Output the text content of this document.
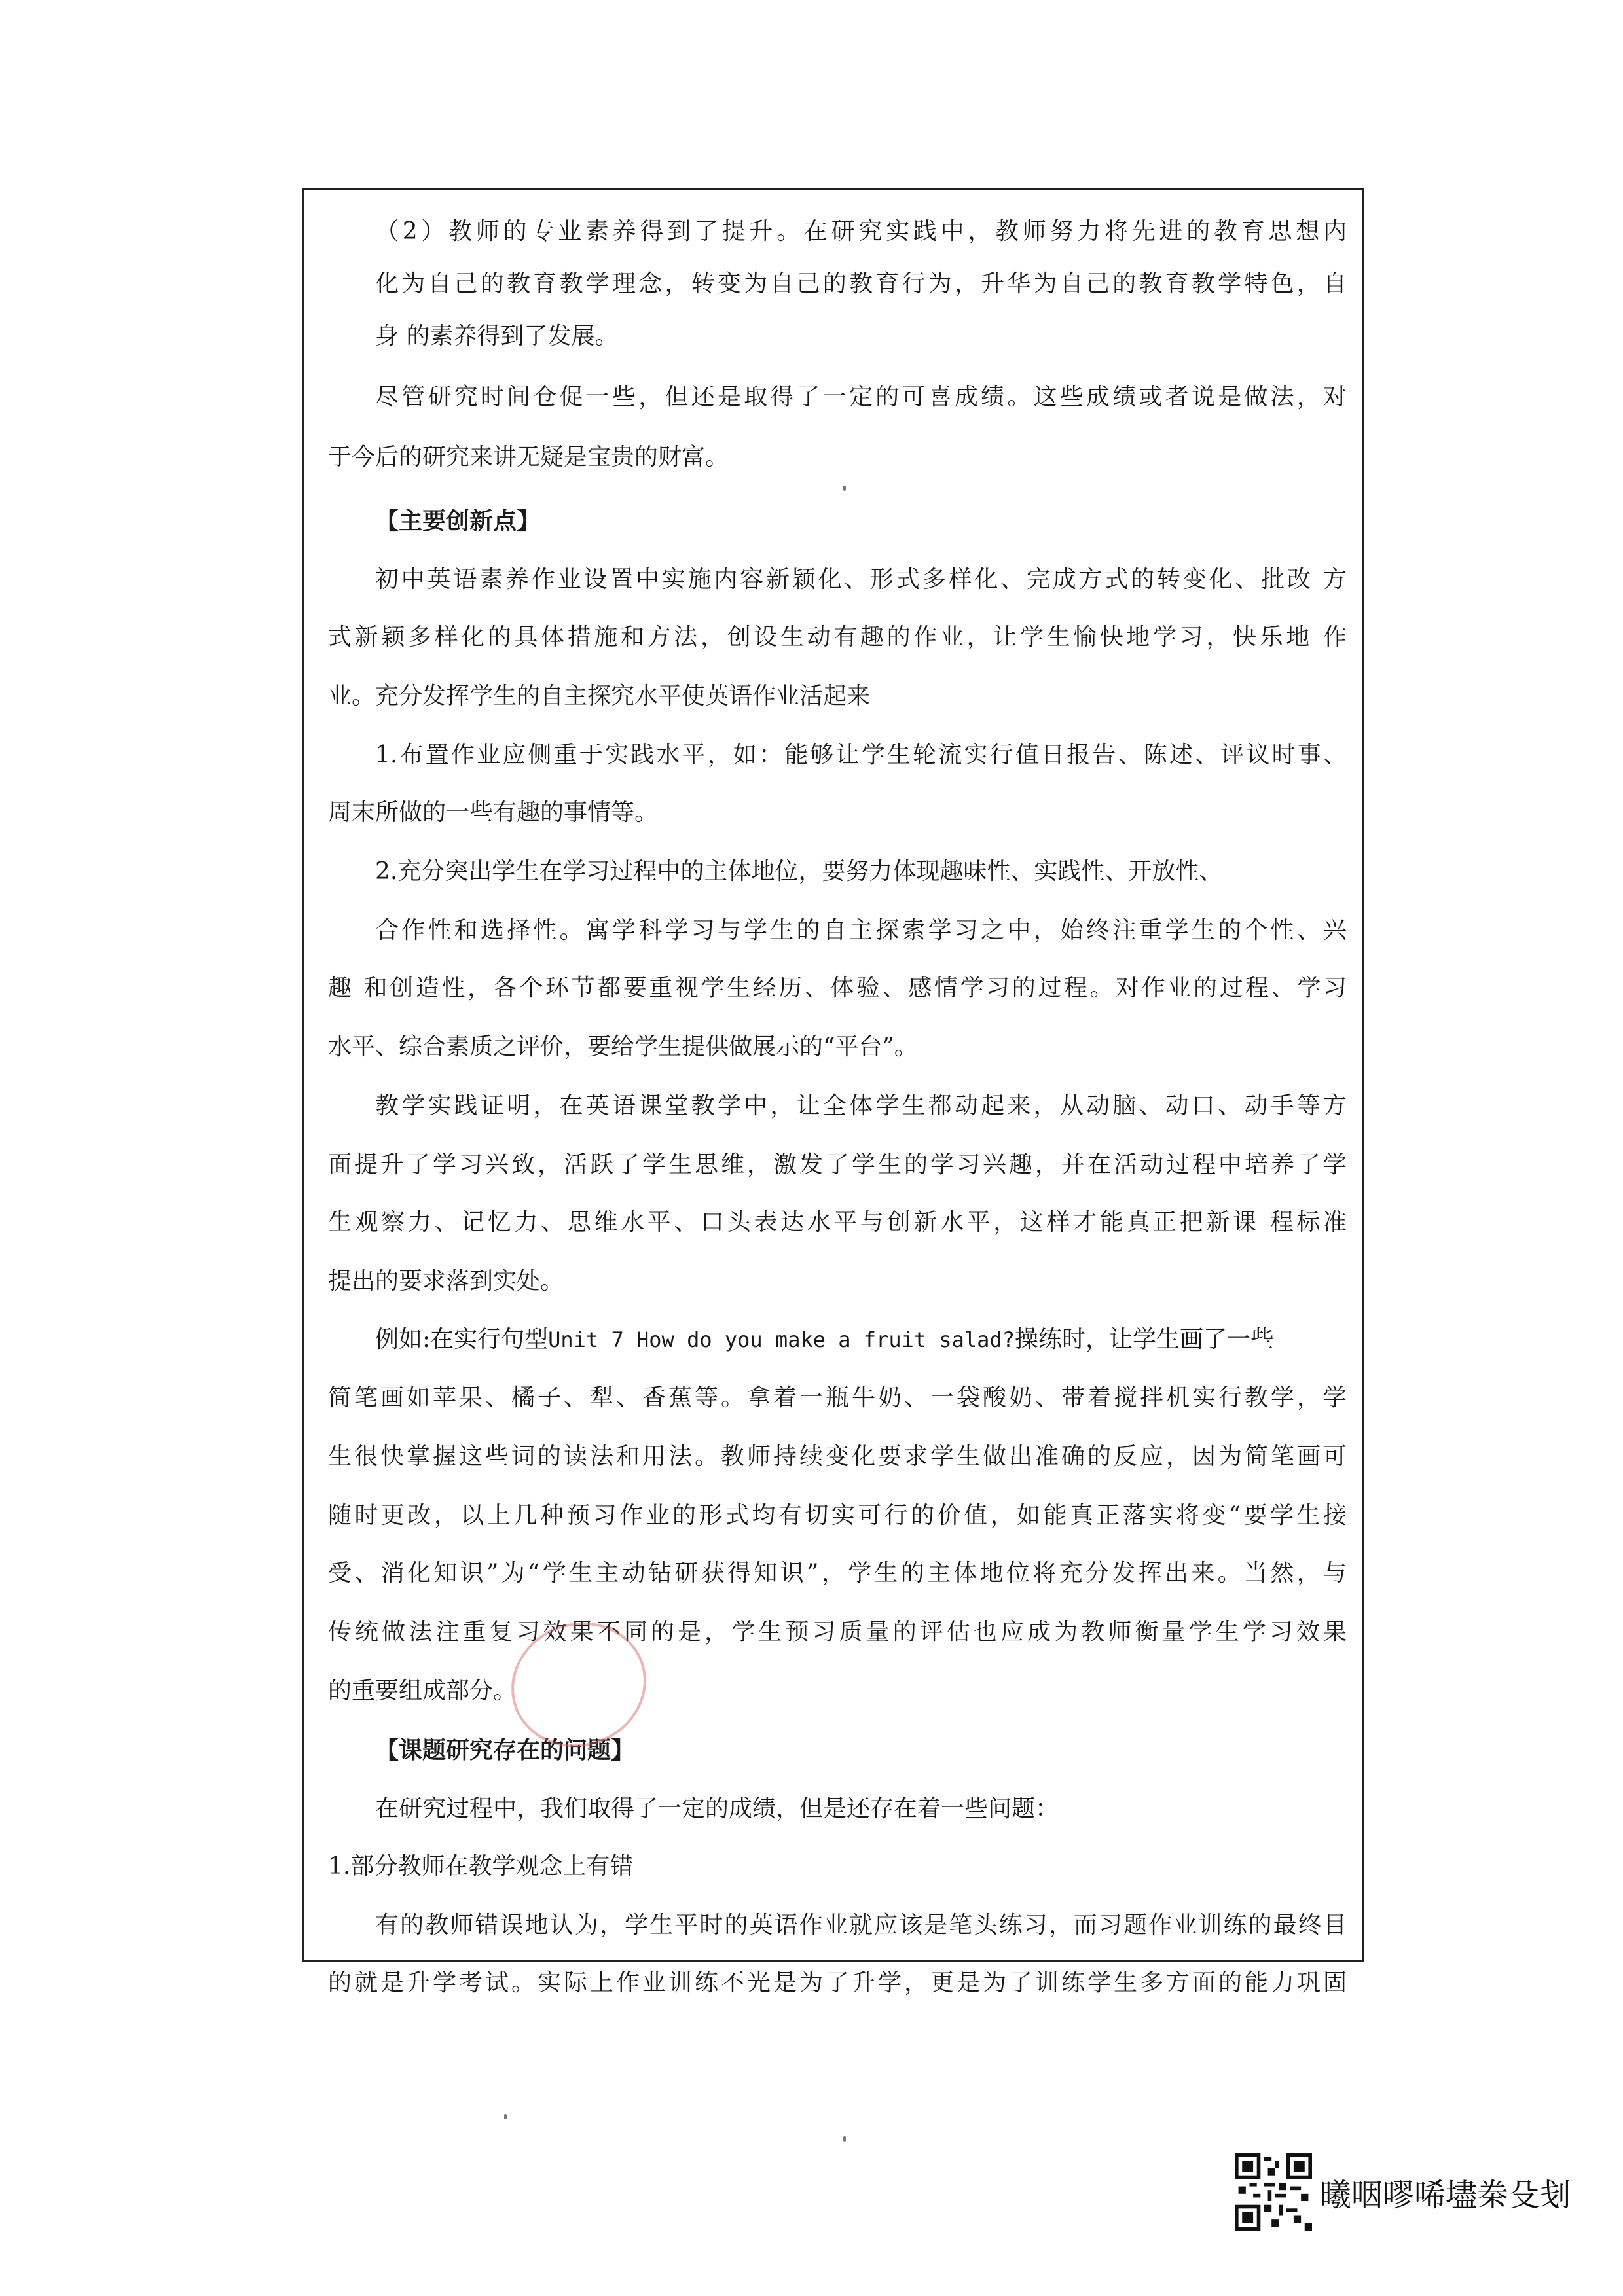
（2）教师的专业素养得到了提升。在研究实践中，教师努力将先进的教育思想内
化为自己的教育教学理念，转变为自己的教育行为，升华为自己的教育教学特色，自
身 的素养得到了发展。
尽管研究时间仓促一些，但还是取得了一定的可喜成绩。这些成绩或者说是做法，对
于今后的研究来讲无疑是宝贵的财富。
【主要创新点】
初中英语素养作业设置中实施内容新颖化、形式多样化、完成方式的转变化、批改 方
式新颖多样化的具体措施和方法，创设生动有趣的作业，让学生愉快地学习，快乐地 作
业。充分发挥学生的自主探究水平使英语作业活起来
1.布置作业应侧重于实践水平，如：能够让学生轮流实行值日报告、陈述、评议时事、
周末所做的一些有趣的事情等。
2.充分突出学生在学习过程中的主体地位，要努力体现趣味性、实践性、开放性、
合作性和选择性。寓学科学习与学生的自主探索学习之中，始终注重学生的个性、兴
趣 和创造性，各个环节都要重视学生经历、体验、感情学习的过程。对作业的过程、学习
水平、综合素质之评价，要给学生提供做展示的“平台”。
教学实践证明，在英语课堂教学中，让全体学生都动起来，从动脑、动口、动手等方
面提升了学习兴致，活跃了学生思维，激发了学生的学习兴趣，并在活动过程中培养了学
生观察力、记忆力、思维水平、口头表达水平与创新水平，这样才能真正把新课 程标准
提出的要求落到实处。
例如:在实行句型Unit 7 How do you make a fruit salad?操练时，让学生画了一些
简笔画如苹果、橘子、犁、香蕉等。拿着一瓶牛奶、一袋酸奶、带着搅拌机实行教学，学
生很快掌握这些词的读法和用法。教师持续变化要求学生做出准确的反应，因为简笔画可
随时更改，以上几种预习作业的形式均有切实可行的价值，如能真正落实将变“要学生接
受、消化知识”为“学生主动钻研获得知识”，学生的主体地位将充分发挥出来。当然，与
传统做法注重复习效果不同的是，学生预习质量的评估也应成为教师衡量学生学习效果
的重要组成部分。
【课题研究存在的问题】
在研究过程中，我们取得了一定的成绩，但是还存在着一些问题：
1.部分教师在教学观念上有错
有的教师错误地认为，学生平时的英语作业就应该是笔头练习，而习题作业训练的最终目
的就是升学考试。实际上作业训练不光是为了升学，更是为了训练学生多方面的能力巩固
曦咽嘐唏壗桊殳刬
